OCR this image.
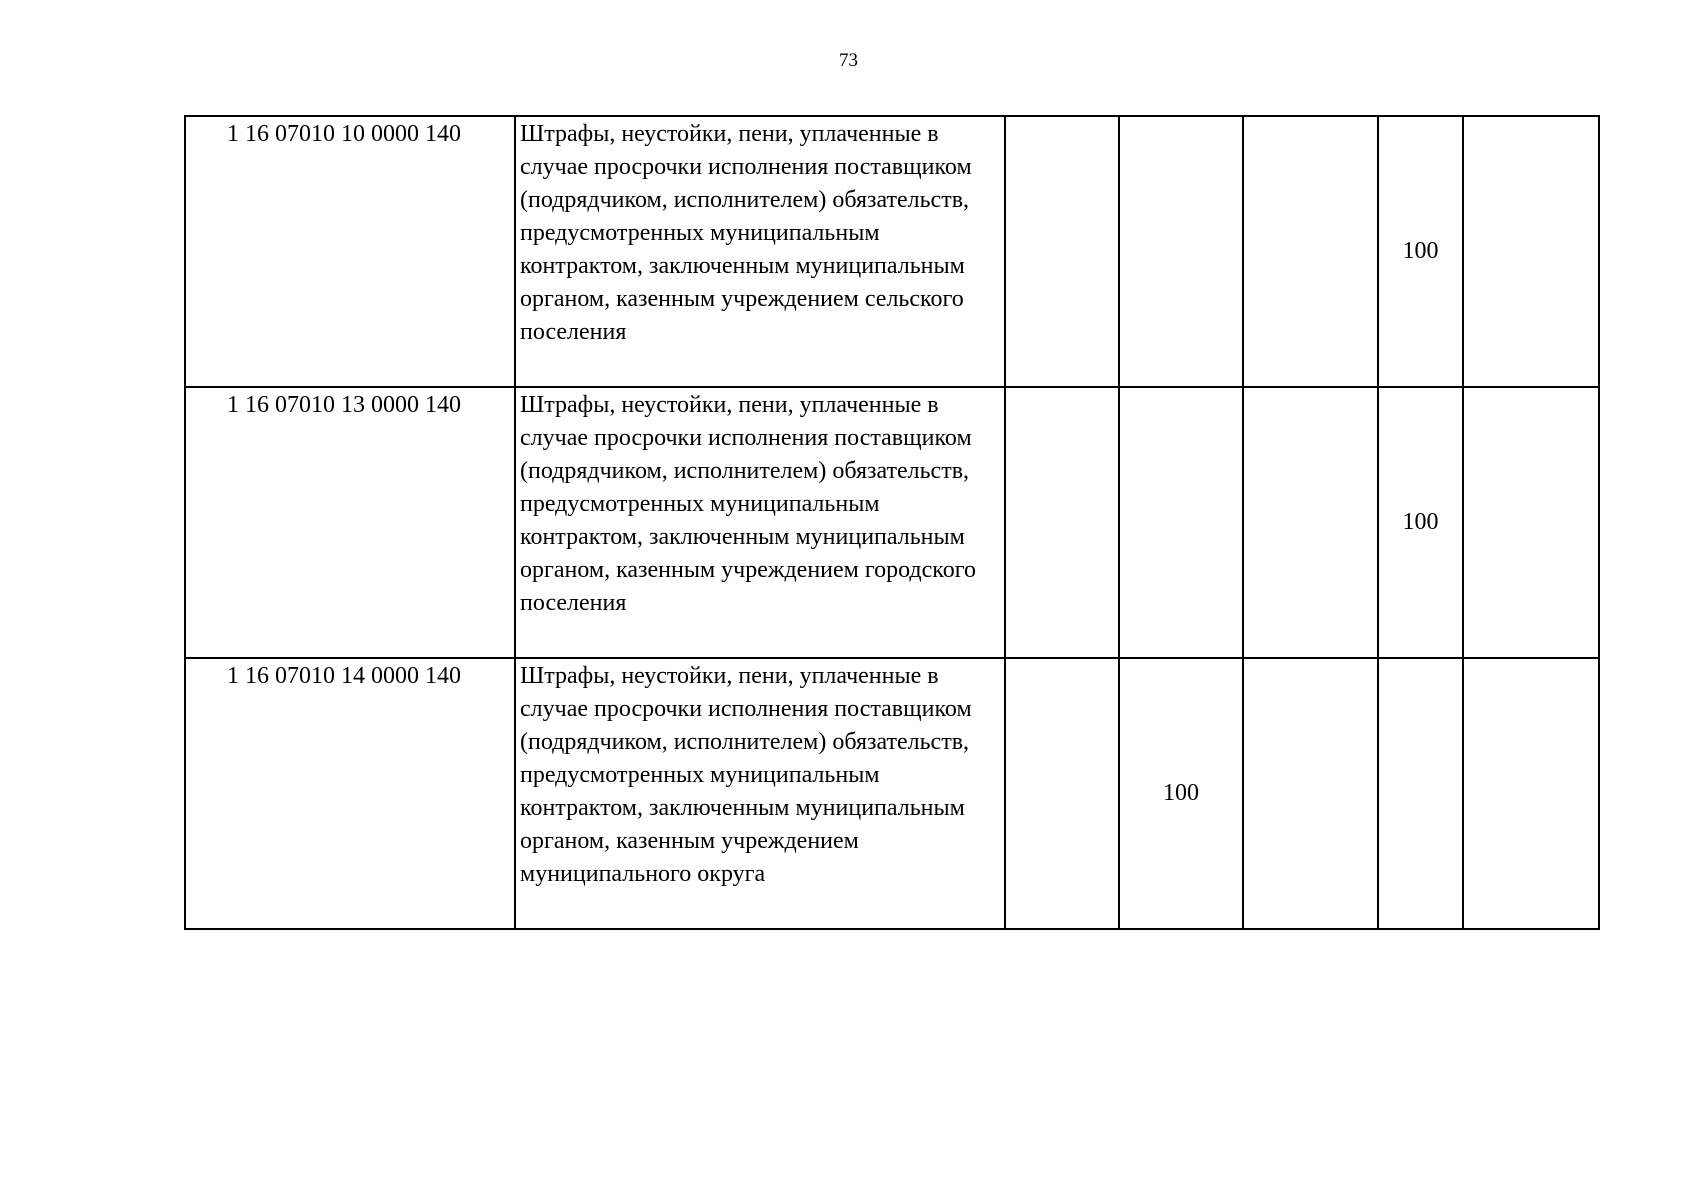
73
1 16 07010 10 0000 140	Штрафы, неустойки, пени, уплаченные в случае просрочки исполнения поставщиком (подрядчиком, исполнителем) обязательств, предусмотренных муниципальным контрактом, заключенным муниципальным органом, казенным учреждением сельского поселения				100	
1 16 07010 13 0000 140	Штрафы, неустойки, пени, уплаченные в случае просрочки исполнения поставщиком (подрядчиком, исполнителем) обязательств, предусмотренных муниципальным контрактом, заключенным муниципальным органом, казенным учреждением городского поселения				100	
1 16 07010 14 0000 140	Штрафы, неустойки, пени, уплаченные в случае просрочки исполнения поставщиком (подрядчиком, исполнителем) обязательств, предусмотренных муниципальным контрактом, заключенным муниципальным органом, казенным учреждением муниципального округа		100			
